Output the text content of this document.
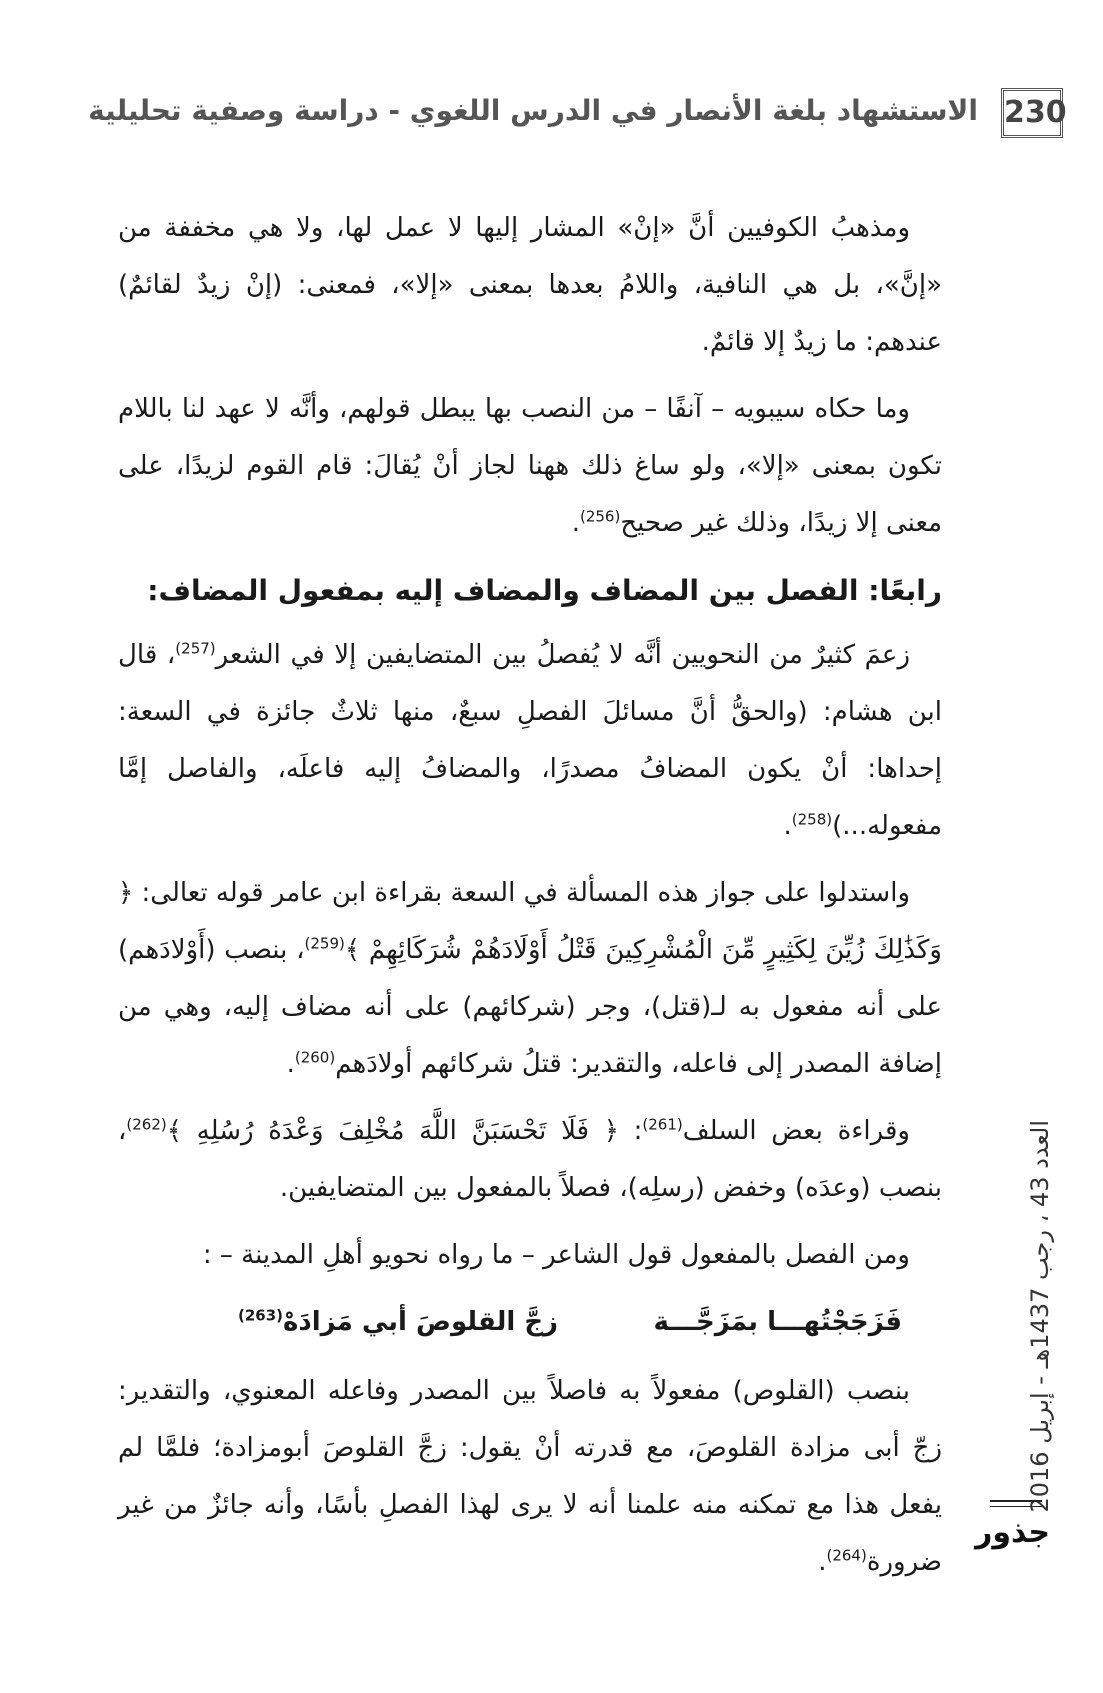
230
الاستشهاد بلغة الأنصار في الدرس اللغوي - دراسة وصفية تحليلية

ومذهبُ الكوفيين أنَّ «إنْ» المشار إليها لا عمل لها، ولا هي مخففة من «إنَّ»، بل هي النافية، واللامُ بعدها بمعنى «إلا»، فمعنى: (إنْ زيدٌ لقائمٌ) عندهم: ما زيدٌ إلا قائمٌ.

وما حكاه سيبويه – آنفًا – من النصب بها يبطل قولهم، وأنَّه لا عهد لنا باللام تكون بمعنى «إلا»، ولو ساغ ذلك ههنا لجاز أنْ يُقالَ: قام القوم لزيدًا، على معنى إلا زيدًا، وذلك غير صحيح$^{(256)}$.

رابعًا: الفصل بين المضاف والمضاف إليه بمفعول المضاف:

زعمَ كثيرٌ من النحويين أنَّه لا يُفصلُ بين المتضايفين إلا في الشعر$^{(257)}$، قال ابن هشام: (والحقُّ أنَّ مسائلَ الفصلِ سبعٌ، منها ثلاثٌ جائزة في السعة: إحداها: أنْ يكون المضافُ مصدرًا، والمضافُ إليه فاعلَه، والفاصل إمَّا مفعوله...)$^{(258)}$.

واستدلوا على جواز هذه المسألة في السعة بقراءة ابن عامر قوله تعالى: ﴿ وَكَذَٰلِكَ زُيِّنَ لِكَثِيرٍ مِّنَ الْمُشْرِكِينَ قَتْلُ أَوْلَادَهُمْ شُرَكَائِهِمْ ﴾$^{(259)}$، بنصب (أَوْلادَهم) على أنه مفعول به لـ(قتل)، وجر (شركائهم) على أنه مضاف إليه، وهي من إضافة المصدر إلى فاعله، والتقدير: قتلُ شركائهم أولادَهم$^{(260)}$.

وقراءة بعض السلف$^{(261)}$: ﴿ فَلَا تَحْسَبَنَّ اللَّهَ مُخْلِفَ وَعْدَهُ رُسُلِهِ ﴾$^{(262)}$، بنصب (وعدَه) وخفض (رسلِه)، فصلاً بالمفعول بين المتضايفين.

ومن الفصل بالمفعول قول الشاعر – ما رواه نحويو أهلِ المدينة – :

فَزَجَجْتُهـــا بمَزَجَّـــة
زجَّ القلوصَ أبي مَزادَهْ$^{(263)}$

بنصب (القلوص) مفعولاً به فاصلاً بين المصدر وفاعله المعنوي، والتقدير: زجّ أبى مزادة القلوصَ، مع قدرته أنْ يقول: زجَّ القلوصَ أبومزادة؛ فلمَّا لم يفعل هذا مع تمكنه منه علمنا أنه لا يرى لهذا الفصلِ بأسًا، وأنه جائزٌ من غير ضرورة$^{(264)}$.

العدد 43 ، رجب 1437هـ - إبريل 2016
جذور
